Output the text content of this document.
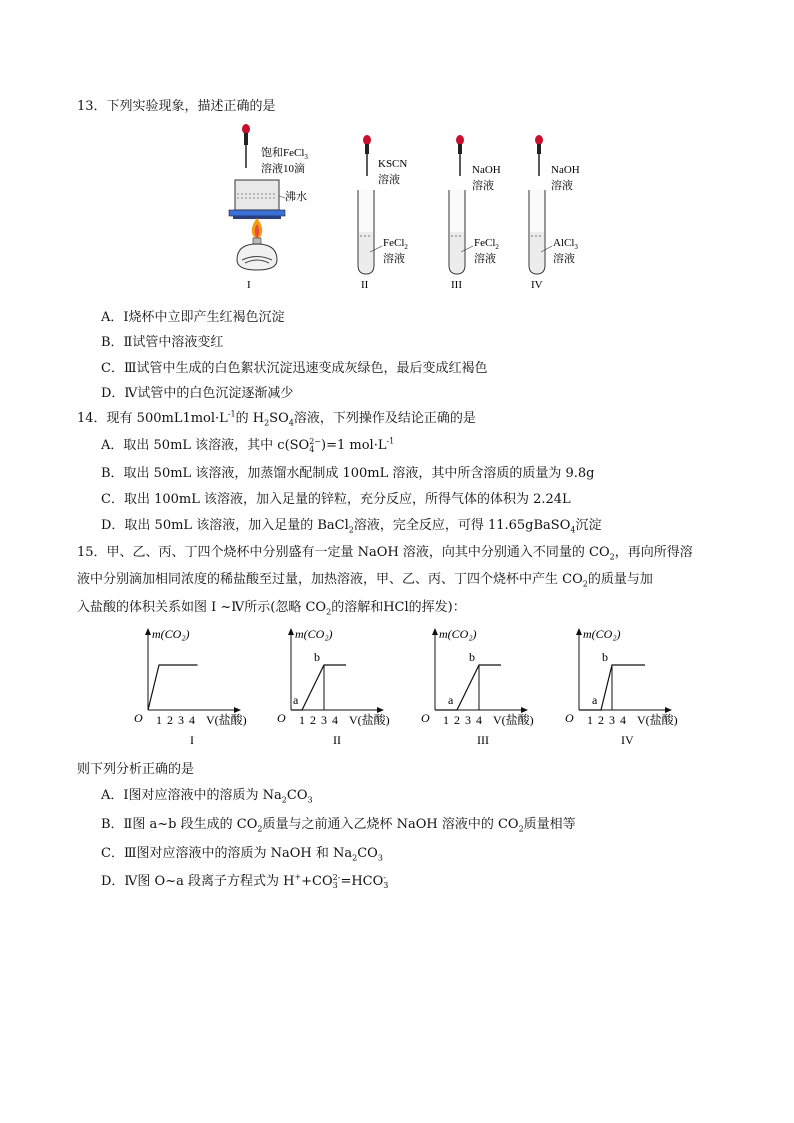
13．下列实验现象，描述正确的是
饱和FeCl$_3$
溶液10滴
沸水
I
KSCN
溶液
FeCl$_2$
溶液
II
NaOH
溶液
FeCl$_2$
溶液
III
NaOH
溶液
AlCl$_3$
溶液
IV
A．I烧杯中立即产生红褐色沉淀
B．Ⅱ试管中溶液变红
C．Ⅲ试管中生成的白色絮状沉淀迅速变成灰绿色，最后变成红褐色
D．Ⅳ试管中的白色沉淀逐渐减少
14．现有 $500mL1mol\cdot L^{-1}$的 $H_2SO_4$溶液，下列操作及结论正确的是
A．取出 50mL 该溶液，其中 c(SO 2−
4 )=1 $mol\cdot L^{-1}$
B．取出 50mL 该溶液，加蒸馏水配制成 100mL 溶液，其中所含溶质的质量为 9.8g
C．取出 100mL 该溶液，加入足量的锌粒，充分反应，所得气体的体积为 2.24L
D．取出 50mL 该溶液，加入足量的 BaCl$_2$溶液，完全反应，可得 11.65gBaSO$_4$沉淀
15．甲、乙、丙、丁四个烧杯中分别盛有一定量 NaOH 溶液，向其中分别通入不同量的 $CO_2$，再向所得溶
液中分别滴加相同浓度的稀盐酸至过量，加热溶液，甲、乙、丙、丁四个烧杯中产生 $CO_2$的质量与加
入盐酸的体积关系如图 I ~Ⅳ所示(忽略 $CO_2$的溶解和HCl的挥发)：
m(CO₂)
O 1 2 3 4 V(盐酸)
I
m(CO₂)
O 1 2 3 4 V(盐酸)
a
b
II
m(CO₂)
O 1 2 3 4 V(盐酸)
a
b
III
m(CO₂)
O 1 2 3 4 V(盐酸)
a
b
IV
则下列分析正确的是
A．Ⅰ图对应溶液中的溶质为 $Na_2CO_3$
B．Ⅱ图 a~b 段生成的 $CO_2$质量与之前通入乙烧杯 NaOH 溶液中的 $CO_2$质量相等
C．Ⅲ图对应溶液中的溶质为 NaOH 和 $Na_2CO_3$
D．Ⅳ图 O~a 段离子方程式为 H++CO 2-
3 =HCO -
3
